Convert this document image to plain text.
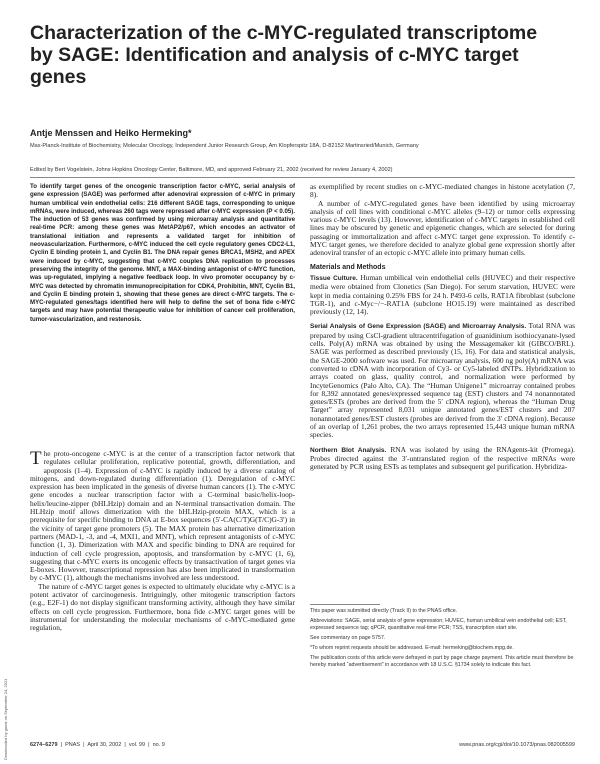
Characterization of the c-MYC-regulated transcriptome by SAGE: Identification and analysis of c-MYC target genes
Antje Menssen and Heiko Hermeking*
Max-Planck-Institute of Biochemistry, Molecular Oncology, Independent Junior Research Group, Am Klopferspitz 18A, D-82152 Martinsried/Munich, Germany
Edited by Bert Vogelstein, Johns Hopkins Oncology Center, Baltimore, MD, and approved February 21, 2002 (received for review January 4, 2002)
To identify target genes of the oncogenic transcription factor c-MYC, serial analysis of gene expression (SAGE) was performed after adenoviral expression of c-MYC in primary human umbilical vein endothelial cells: 216 different SAGE tags, corresponding to unique mRNAs, were induced, whereas 260 tags were repressed after c-MYC expression (P < 0.05). The induction of 53 genes was confirmed by using microarray analysis and quantitative real-time PCR: among these genes was MetAP2/p67, which encodes an activator of translational initiation and represents a validated target for inhibition of neovascularization. Furthermore, c-MYC induced the cell cycle regulatory genes CDC2-L1, Cyclin E binding protein 1, and Cyclin B1. The DNA repair genes BRCA1, MSH2, and APEX were induced by c-MYC, suggesting that c-MYC couples DNA replication to processes preserving the integrity of the genome. MNT, a MAX-binding antagonist of c-MYC function, was up-regulated, implying a negative feedback loop. In vivo promoter occupancy by c-MYC was detected by chromatin immunoprecipitation for CDK4, Prohibitin, MNT, Cyclin B1, and Cyclin E binding protein 1, showing that these genes are direct c-MYC targets. The c-MYC-regulated genes/tags identified here will help to define the set of bona fide c-MYC targets and may have potential therapeutic value for inhibition of cancer cell proliferation, tumor-vascularization, and restenosis.

The proto-oncogene c-MYC is at the center of a transcription factor network that regulates cellular proliferation, replicative potential, growth, differentiation, and apoptosis (1–4). Expression of c-MYC is rapidly induced by a diverse catalog of mitogens, and down-regulated during differentiation (1). Deregulation of c-MYC expression has been implicated in the genesis of diverse human cancers (1). The c-MYC gene encodes a nuclear transcription factor with a C-terminal basic/helix-loop-helix/leucine-zipper (bHLHzip) domain and an N-terminal transactivation domain. The HLHzip motif allows dimerization with the bHLHzip-protein MAX, which is a prerequisite for specific binding to DNA at E-box sequences (5′-CA(C/T)G(T/C)G-3′) in the vicinity of target gene promoters (5). The MAX protein has alternative dimerization partners (MAD-1, -3, and -4, MXI1, and MNT), which represent antagonists of c-MYC function (1, 3). Dimerization with MAX and specific binding to DNA are required for induction of cell cycle progression, apoptosis, and transformation by c-MYC (1, 6), suggesting that c-MYC exerts its oncogenic effects by transactivation of target genes via E-boxes. However, transcriptional repression has also been implicated in transformation by c-MYC (1), although the mechanisms involved are less understood.

The nature of c-MYC target genes is expected to ultimately elucidate why c-MYC is a potent activator of carcinogenesis. Intriguingly, other mitogenic transcription factors (e.g., E2F-1) do not display significant transforming activity, although they have similar effects on cell cycle progression. Furthermore, bona fide c-MYC target genes will be instrumental for understanding the molecular mechanisms of c-MYC-mediated gene regulation,

as exemplified by recent studies on c-MYC-mediated changes in histone acetylation (7, 8).

A number of c-MYC-regulated genes have been identified by using microarray analysis of cell lines with conditional c-MYC alleles (9–12) or tumor cells expressing various c-MYC levels (13). However, identification of c-MYC targets in established cell lines may be obscured by genetic and epigenetic changes, which are selected for during passaging or immortalization and affect c-MYC target gene expression. To identify c-MYC target genes, we therefore decided to analyze global gene expression shortly after adenoviral transfer of an ectopic c-MYC allele into primary human cells.

Materials and Methods

Tissue Culture. Human umbilical vein endothelial cells (HUVEC) and their respective media were obtained from Clonetics (San Diego). For serum starvation, HUVEC were kept in media containing 0.25% FBS for 24 h. P493-6 cells, RAT1A fibroblast (subclone TGR-1), and c-Myc−/−-RAT1A (subclone HO15.19) were maintained as described previously (12, 14).

Serial Analysis of Gene Expression (SAGE) and Microarray Analysis. Total RNA was prepared by using CsCl-gradient ultracentrifugation of guanidinium isothiocyanate-lysed cells. Poly(A) mRNA was obtained by using the Messagemaker kit (GIBCO/BRL). SAGE was performed as described previously (15, 16). For data and statistical analysis, the SAGE-2000 software was used. For microarray analysis, 600 ng poly(A) mRNA was converted to cDNA with incorporation of Cy3- or Cy5-labeled dNTPs. Hybridization to arrays coated on glass, quality control, and normalization were performed by IncyteGenomics (Palo Alto, CA). The “Human Unigene1” microarray contained probes for 8,392 annotated genes/expressed sequence tag (EST) clusters and 74 nonannotated genes/ESTs (probes are derived from the 5′ cDNA region), whereas the “Human Drug Target” array represented 8,031 unique annotated genes/EST clusters and 207 nonannotated genes/EST clusters (probes are derived from the 3′ cDNA region). Because of an overlap of 1,261 probes, the two arrays represented 15,443 unique human mRNA species.

Northern Blot Analysis. RNA was isolated by using the RNAgents-kit (Promega). Probes directed against the 3′-untranslated region of the respective mRNAs were generated by PCR using ESTs as templates and subsequent gel purification. Hybridiza-

This paper was submitted directly (Track II) to the PNAS office.

Abbreviations: SAGE, serial analysis of gene expression; HUVEC, human umbilical vein endothelial cell; EST, expressed sequence tag; qPCR, quantitative real-time PCR; TSS, transcription start site.

See commentary on page 5757.

*To whom reprint requests should be addressed. E-mail: hermeking@biochem.mpg.de.

The publication costs of this article were defrayed in part by page charge payment. This article must therefore be hereby marked “advertisement” in accordance with 18 U.S.C. §1734 solely to indicate this fact.

6274–6279  |  PNAS  |  April 30, 2002  |  vol. 99  |  no. 9	www.pnas.org/cgi/doi/10.1073/pnas.082005599
Downloaded by guest on September 24, 2021
